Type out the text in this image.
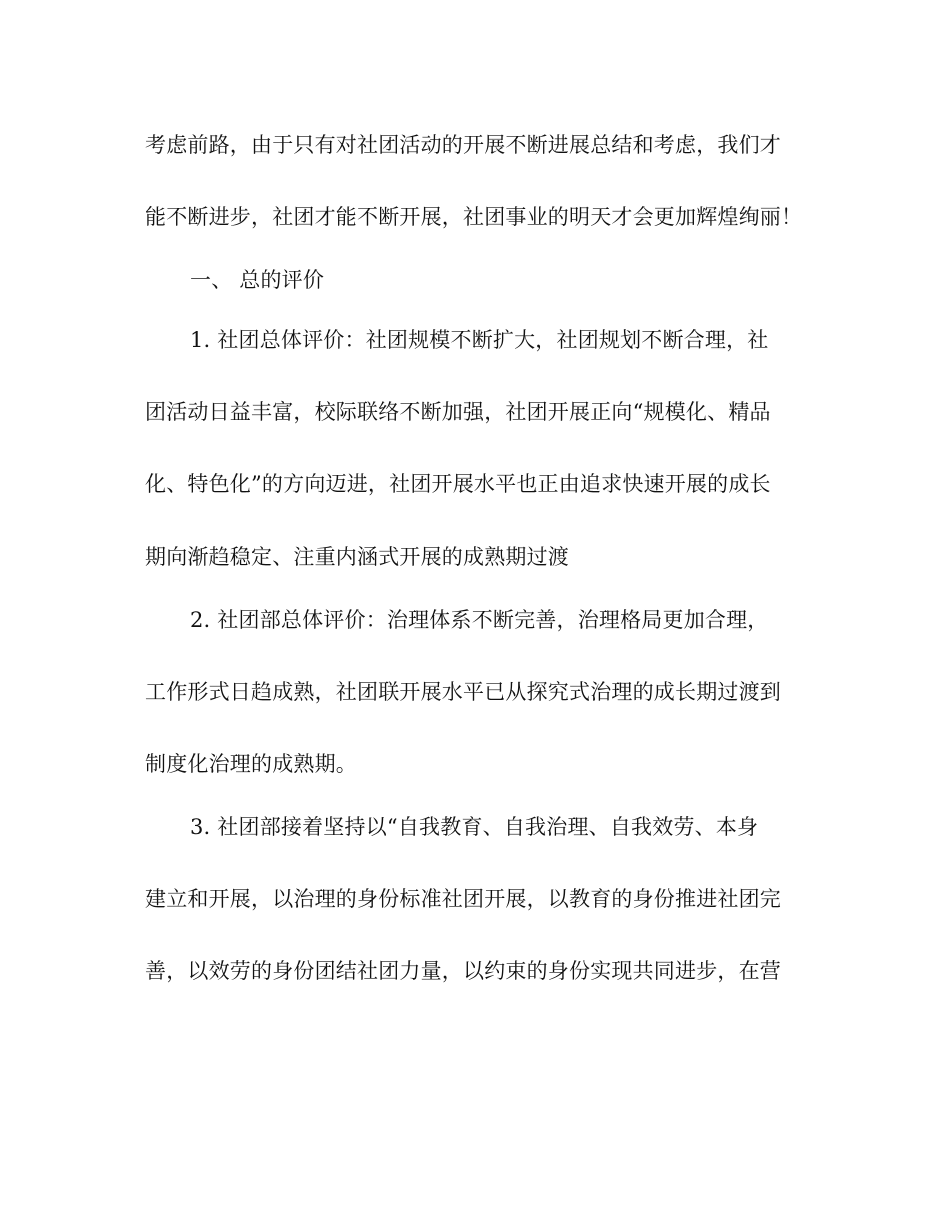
考虑前路，由于只有对社团活动的开展不断进展总结和考虑，我们才
能不断进步，社团才能不断开展，社团事业的明天才会更加辉煌绚丽！
一、 总的评价
1. 社团总体评价：社团规模不断扩大，社团规划不断合理，社
团活动日益丰富，校际联络不断加强，社团开展正向“规模化、精品
化、特色化”的方向迈进，社团开展水平也正由追求快速开展的成长
期向渐趋稳定、注重内涵式开展的成熟期过渡
2. 社团部总体评价：治理体系不断完善，治理格局更加合理，
工作形式日趋成熟，社团联开展水平已从探究式治理的成长期过渡到
制度化治理的成熟期。
3. 社团部接着坚持以“自我教育、自我治理、自我效劳、本身
建立和开展，以治理的身份标准社团开展，以教育的身份推进社团完
善，以效劳的身份团结社团力量，以约束的身份实现共同进步，在营
